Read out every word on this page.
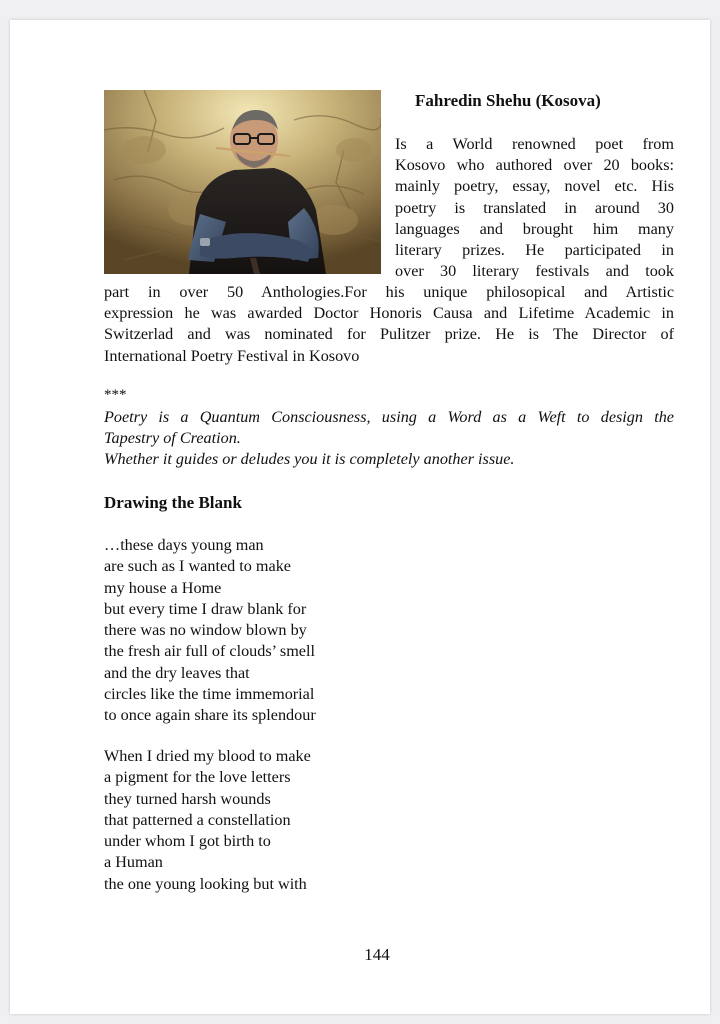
Fahredin Shehu (Kosova)

Is a World renowned poet from
Kosovo who authored over 20 books:
mainly poetry, essay, novel etc. His
poetry is translated in around 30
languages and brought him many
literary prizes. He participated in
over 30 literary festivals and took

part in over 50 Anthologies.For his unique philosopical and Artistic
expression he was awarded Doctor Honoris Causa and Lifetime Academic in
Switzerlad and was nominated for Pulitzer prize. He is The Director of
International Poetry Festival in Kosovo

***

Poetry is a Quantum Consciousness, using a Word as a Weft to design the
Tapestry of Creation.
Whether it guides or deludes you it is completely another issue.

Drawing the Blank

…these days young man
are such as I wanted to make
my house a Home
but every time I draw blank for
there was no window blown by
the fresh air full of clouds’ smell
and the dry leaves that
circles like the time immemorial
to once again share its splendour

When I dried my blood to make
a pigment for the love letters
they turned harsh wounds
that patterned a constellation
under whom I got birth to
a Human
the one young looking but with

144
